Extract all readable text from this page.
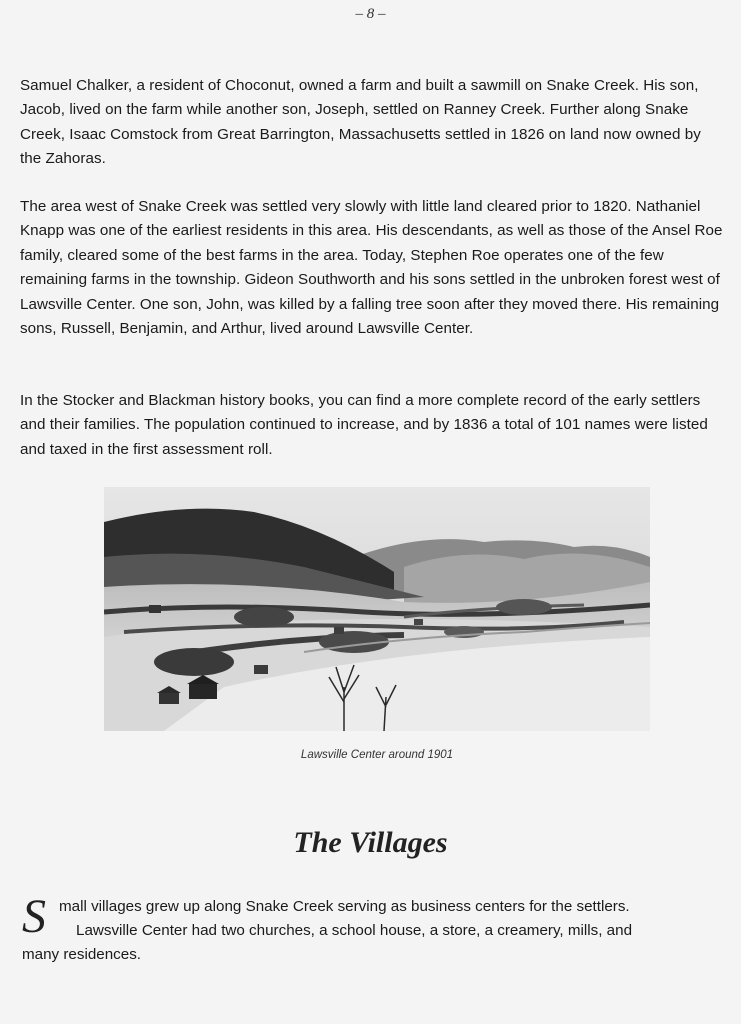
– 8 –

Samuel Chalker, a resident of Choconut, owned a farm and built a sawmill on Snake Creek. His son, Jacob, lived on the farm while another son, Joseph, settled on Ranney Creek. Further along Snake Creek, Isaac Comstock from Great Barrington, Massachusetts settled in 1826 on land now owned by the Zahoras.

The area west of Snake Creek was settled very slowly with little land cleared prior to 1820. Nathaniel Knapp was one of the earliest residents in this area. His descendants, as well as those of the Ansel Roe family, cleared some of the best farms in the area. Today, Stephen Roe operates one of the few remaining farms in the township. Gideon Southworth and his sons settled in the unbroken forest west of Lawsville Center. One son, John, was killed by a falling tree soon after they moved there. His remaining sons, Russell, Benjamin, and Arthur, lived around Lawsville Center.

In the Stocker and Blackman history books, you can find a more complete record of the early settlers and their families. The population continued to increase, and by 1836 a total of 101 names were listed and taxed in the first assessment roll.

Lawsville Center around 1901
The Villages
S mall villages grew up along Snake Creek serving as business centers for the settlers.
Lawsville Center had two churches, a school house, a store, a creamery, mills, and
many residences.
